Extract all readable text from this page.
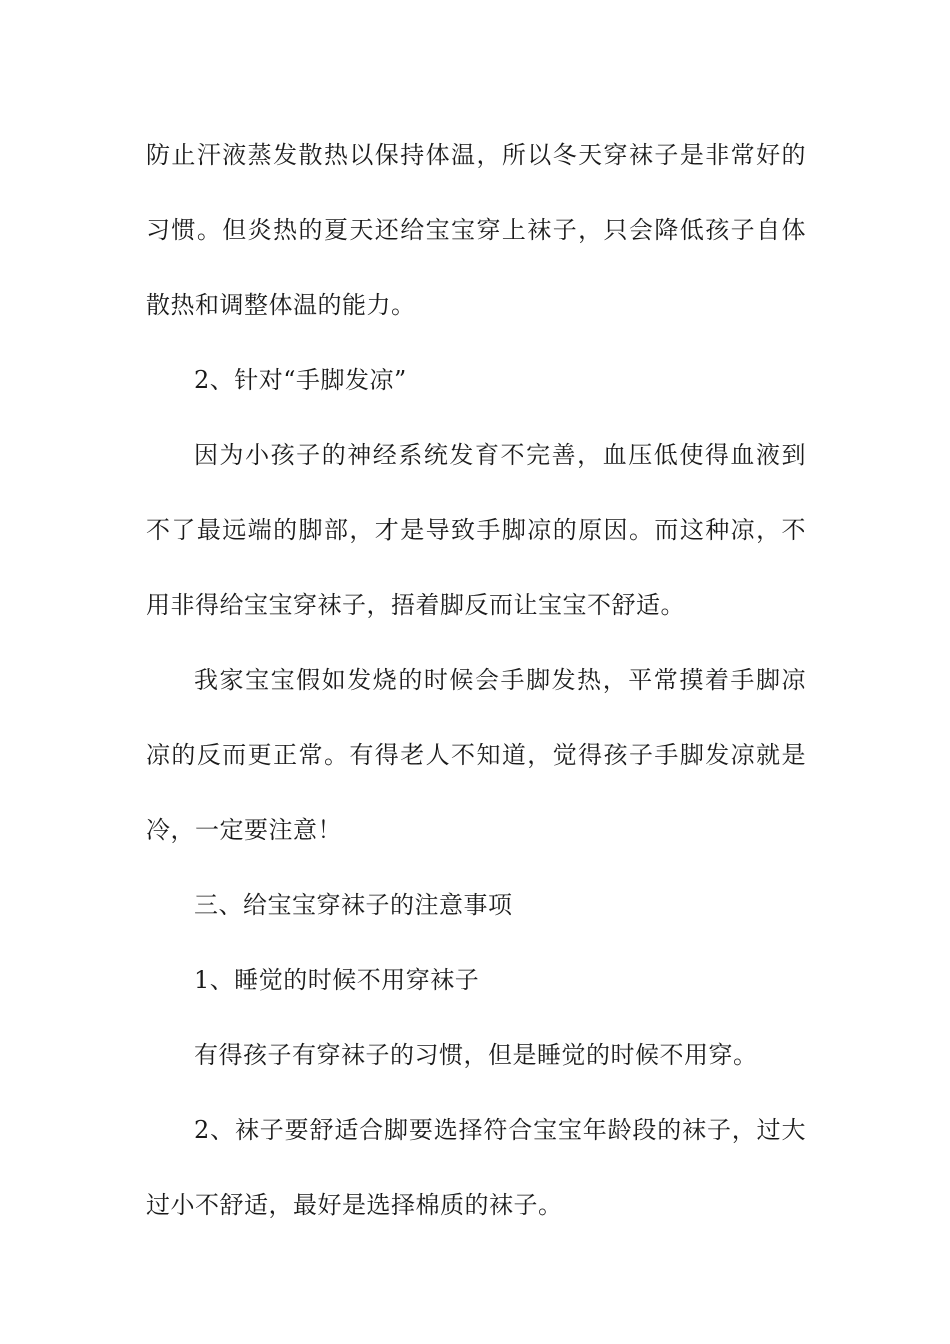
防止汗液蒸发散热以保持体温，所以冬天穿袜子是非常好的习惯。但炎热的夏天还给宝宝穿上袜子，只会降低孩子自体散热和调整体温的能力。

2、针对“手脚发凉”

因为小孩子的神经系统发育不完善，血压低使得血液到不了最远端的脚部，才是导致手脚凉的原因。而这种凉，不用非得给宝宝穿袜子，捂着脚反而让宝宝不舒适。

我家宝宝假如发烧的时候会手脚发热，平常摸着手脚凉凉的反而更正常。有得老人不知道，觉得孩子手脚发凉就是冷，一定要注意！

三、给宝宝穿袜子的注意事项

1、睡觉的时候不用穿袜子

有得孩子有穿袜子的习惯，但是睡觉的时候不用穿。

2、袜子要舒适合脚要选择符合宝宝年龄段的袜子，过大过小不舒适，最好是选择棉质的袜子。
